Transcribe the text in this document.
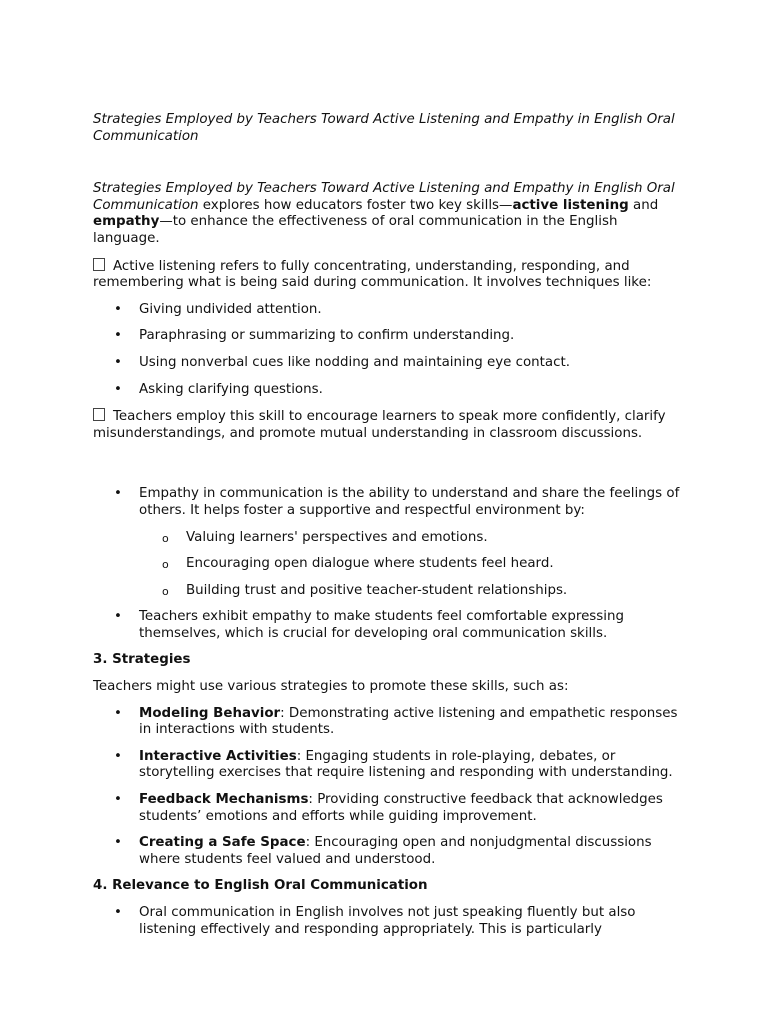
Strategies Employed by Teachers Toward Active Listening and Empathy in English Oral Communication

Strategies Employed by Teachers Toward Active Listening and Empathy in English Oral Communication explores how educators foster two key skills—active listening and empathy—to enhance the effectiveness of oral communication in the English language.

Active listening refers to fully concentrating, understanding, responding, and remembering what is being said during communication. It involves techniques like:

• Giving undivided attention.
• Paraphrasing or summarizing to confirm understanding.
• Using nonverbal cues like nodding and maintaining eye contact.
• Asking clarifying questions.

Teachers employ this skill to encourage learners to speak more confidently, clarify misunderstandings, and promote mutual understanding in classroom discussions.

• Empathy in communication is the ability to understand and share the feelings of others. It helps foster a supportive and respectful environment by:
o Valuing learners' perspectives and emotions.
o Encouraging open dialogue where students feel heard.
o Building trust and positive teacher-student relationships.
• Teachers exhibit empathy to make students feel comfortable expressing themselves, which is crucial for developing oral communication skills.

3. Strategies

Teachers might use various strategies to promote these skills, such as:

• Modeling Behavior: Demonstrating active listening and empathetic responses in interactions with students.
• Interactive Activities: Engaging students in role-playing, debates, or storytelling exercises that require listening and responding with understanding.
• Feedback Mechanisms: Providing constructive feedback that acknowledges students’ emotions and efforts while guiding improvement.
• Creating a Safe Space: Encouraging open and nonjudgmental discussions where students feel valued and understood.

4. Relevance to English Oral Communication

• Oral communication in English involves not just speaking fluently but also listening effectively and responding appropriately. This is particularly
